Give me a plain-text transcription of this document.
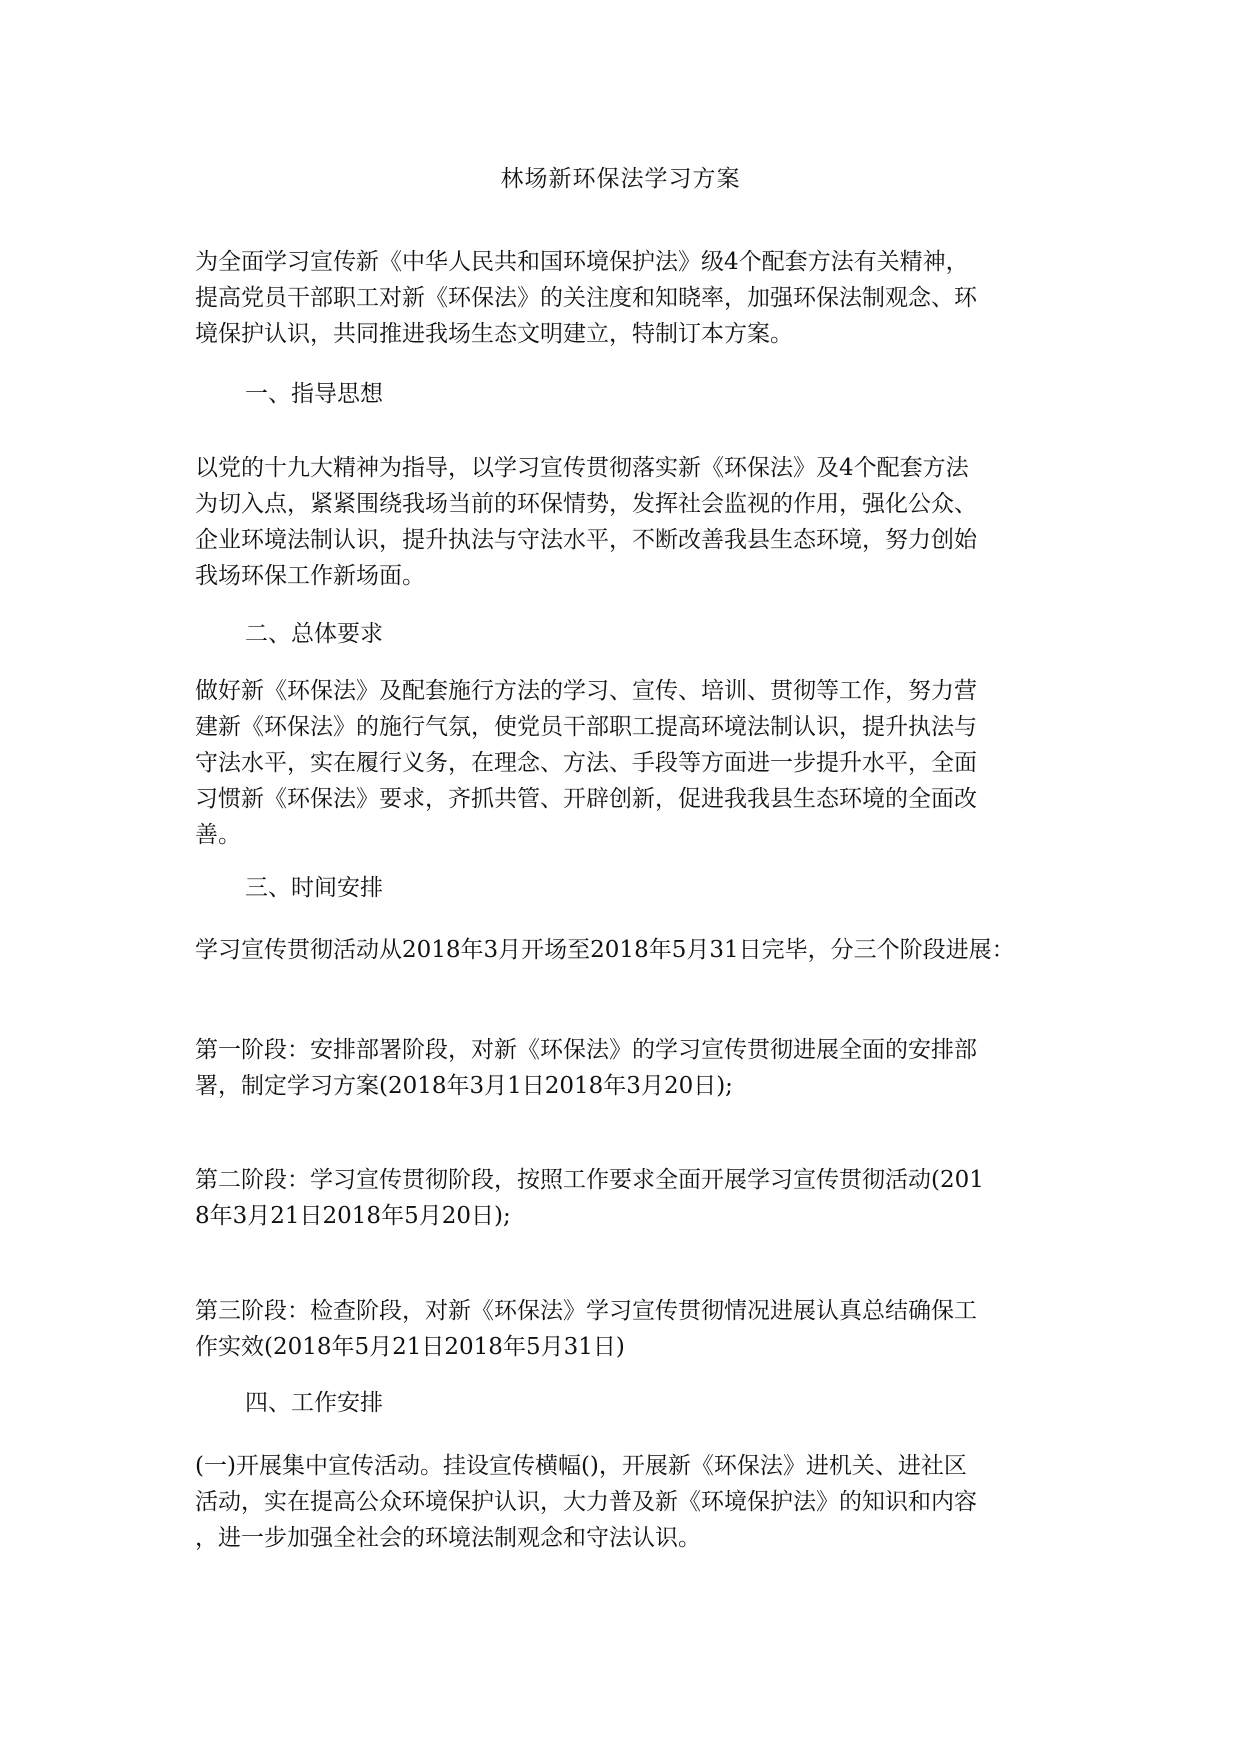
林场新环保法学习方案
为全面学习宣传新《中华人民共和国环境保护法》级4个配套方法有关精神，
提高党员干部职工对新《环保法》的关注度和知晓率，加强环保法制观念、环
境保护认识，共同推进我场生态文明建立，特制订本方案。
一、指导思想
以党的十九大精神为指导，以学习宣传贯彻落实新《环保法》及4个配套方法
为切入点，紧紧围绕我场当前的环保情势，发挥社会监视的作用，强化公众、
企业环境法制认识，提升执法与守法水平，不断改善我县生态环境，努力创始
我场环保工作新场面。
二、总体要求
做好新《环保法》及配套施行方法的学习、宣传、培训、贯彻等工作，努力营
建新《环保法》的施行气氛，使党员干部职工提高环境法制认识，提升执法与
守法水平，实在履行义务，在理念、方法、手段等方面进一步提升水平，全面
习惯新《环保法》要求，齐抓共管、开辟创新，促进我我县生态环境的全面改
善。
三、时间安排
学习宣传贯彻活动从2018年3月开场至2018年5月31日完毕，分三个阶段进展：
第一阶段：安排部署阶段，对新《环保法》的学习宣传贯彻进展全面的安排部
署，制定学习方案(2018年3月1日2018年3月20日);
第二阶段：学习宣传贯彻阶段，按照工作要求全面开展学习宣传贯彻活动(201
8年3月21日2018年5月20日);
第三阶段：检查阶段，对新《环保法》学习宣传贯彻情况进展认真总结确保工
作实效(2018年5月21日2018年5月31日)
四、工作安排
(一)开展集中宣传活动。挂设宣传横幅()，开展新《环保法》进机关、进社区
活动，实在提高公众环境保护认识，大力普及新《环境保护法》的知识和内容
，进一步加强全社会的环境法制观念和守法认识。
